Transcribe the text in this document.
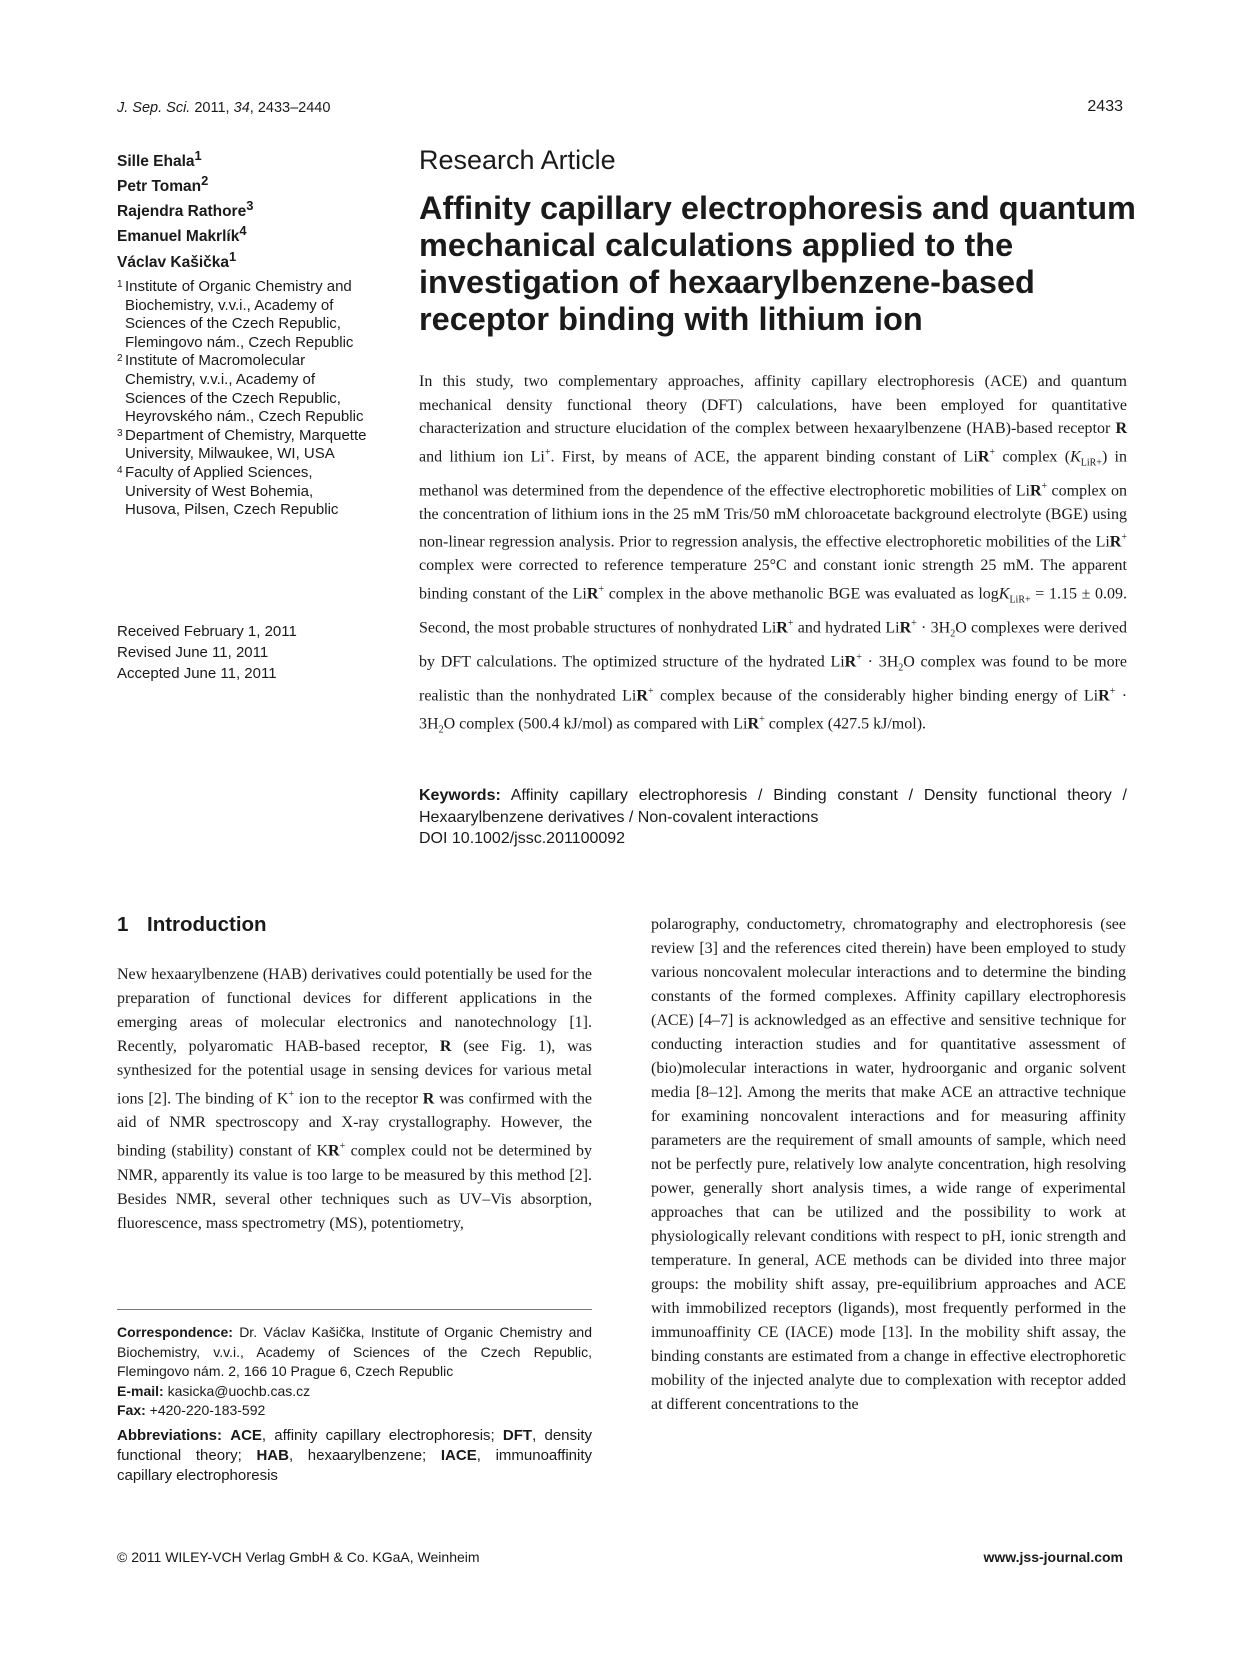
J. Sep. Sci. 2011, 34, 2433–2440	2433
Sille Ehala$^1$
Petr Toman$^2$
Rajendra Rathore$^3$
Emanuel Makrlík$^4$
Václav Kašička$^1$
1 Institute of Organic Chemistry and Biochemistry, v.v.i., Academy of Sciences of the Czech Republic, Flemingovo nám., Czech Republic
2 Institute of Macromolecular Chemistry, v.v.i., Academy of Sciences of the Czech Republic, Heyrovského nám., Czech Republic
3 Department of Chemistry, Marquette University, Milwaukee, WI, USA
4 Faculty of Applied Sciences, University of West Bohemia, Husova, Pilsen, Czech Republic
Received February 1, 2011
Revised June 11, 2011
Accepted June 11, 2011
Research Article
Affinity capillary electrophoresis and quantum mechanical calculations applied to the investigation of hexaarylbenzene-based receptor binding with lithium ion
In this study, two complementary approaches, affinity capillary electrophoresis (ACE) and quantum mechanical density functional theory (DFT) calculations, have been employed for quantitative characterization and structure elucidation of the complex between hexaarylbenzene (HAB)-based receptor R and lithium ion Li+. First, by means of ACE, the apparent binding constant of LiR+ complex $(K_{LiR+})$ in methanol was determined from the dependence of the effective electrophoretic mobilities of LiR+ complex on the concentration of lithium ions in the 25 mM Tris/50 mM chloroacetate background electrolyte (BGE) using non-linear regression analysis. Prior to regression analysis, the effective electrophoretic mobilities of the LiR+ complex were corrected to reference temperature 25°C and constant ionic strength 25 mM. The apparent binding constant of the LiR+ complex in the above methanolic BGE was evaluated as logK$_{LiR+}$ = 1.15 ± 0.09. Second, the most probable structures of nonhydrated LiR+ and hydrated $LiR^+ \cdot 3H_2O$ complexes were derived by DFT calculations. The optimized structure of the hydrated $LiR^+ \cdot 3H_2O$ complex was found to be more realistic than the nonhydrated LiR+ complex because of the considerably higher binding energy of $LiR^+ \cdot 3H_2O$ complex (500.4 kJ/mol) as compared with LiR+ complex (427.5 kJ/mol).
Keywords: Affinity capillary electrophoresis / Binding constant / Density functional theory / Hexaarylbenzene derivatives / Non-covalent interactions
DOI 10.1002/jssc.201100092
1 Introduction
New hexaarylbenzene (HAB) derivatives could potentially be used for the preparation of functional devices for different applications in the emerging areas of molecular electronics and nanotechnology [1]. Recently, polyaromatic HAB-based receptor, R (see Fig. 1), was synthesized for the potential usage in sensing devices for various metal ions [2]. The binding of K+ ion to the receptor R was confirmed with the aid of NMR spectroscopy and X-ray crystallography. However, the binding (stability) constant of KR+ complex could not be determined by NMR, apparently its value is too large to be measured by this method [2]. Besides NMR, several other techniques such as UV–Vis absorption, fluorescence, mass spectrometry (MS), potentiometry,
polarography, conductometry, chromatography and electrophoresis (see review [3] and the references cited therein) have been employed to study various noncovalent molecular interactions and to determine the binding constants of the formed complexes. Affinity capillary electrophoresis (ACE) [4–7] is acknowledged as an effective and sensitive technique for conducting interaction studies and for quantitative assessment of (bio)molecular interactions in water, hydroorganic and organic solvent media [8–12]. Among the merits that make ACE an attractive technique for examining noncovalent interactions and for measuring affinity parameters are the requirement of small amounts of sample, which need not be perfectly pure, relatively low analyte concentration, high resolving power, generally short analysis times, a wide range of experimental approaches that can be utilized and the possibility to work at physiologically relevant conditions with respect to pH, ionic strength and temperature. In general, ACE methods can be divided into three major groups: the mobility shift assay, pre-equilibrium approaches and ACE with immobilized receptors (ligands), most frequently performed in the immunoaffinity CE (IACE) mode [13]. In the mobility shift assay, the binding constants are estimated from a change in effective electrophoretic mobility of the injected analyte due to complexation with receptor added at different concentrations to the
Correspondence: Dr. Václav Kašička, Institute of Organic Chemistry and Biochemistry, v.v.i., Academy of Sciences of the Czech Republic, Flemingovo nám. 2, 166 10 Prague 6, Czech Republic
E-mail: kasicka@uochb.cas.cz
Fax: +420-220-183-592
Abbreviations: ACE, affinity capillary electrophoresis; DFT, density functional theory; HAB, hexaarylbenzene; IACE, immunoaffinity capillary electrophoresis
© 2011 WILEY-VCH Verlag GmbH & Co. KGaA, Weinheim	www.jss-journal.com
